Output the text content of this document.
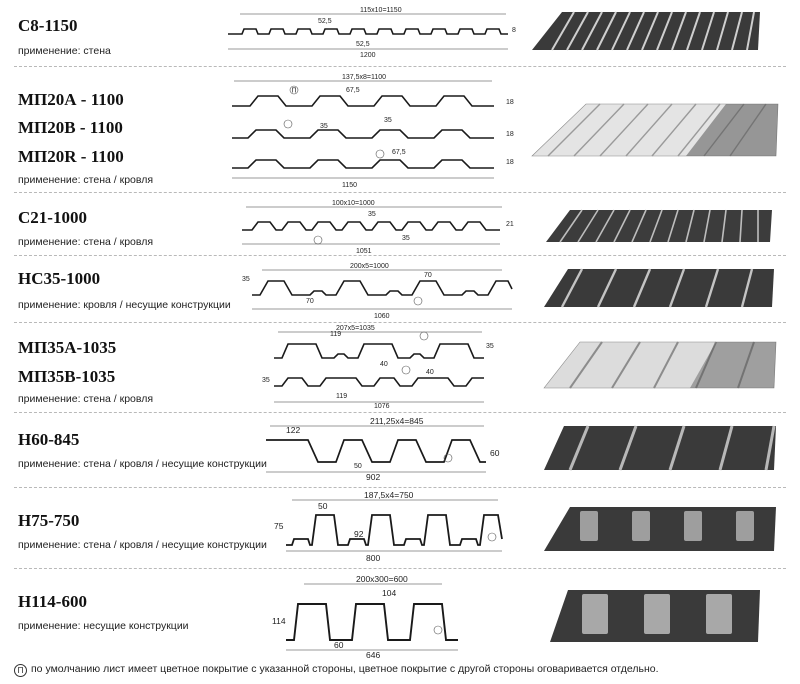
С8-1150
применение: стена
115х10=1150
52,5
8
52,5
1200
МП20А - 1100
МП20В - 1100
МП20R - 1100
применение: стена / кровля
137,5х8=1100
67,5
П
18
35
35
18
67,5
18
1150
С21-1000
применение: стена / кровля
100х10=1000
35
21
35
1051
НС35-1000
применение: кровля / несущие конструкции
200х5=1000
70
35
70
1060
МП35А-1035
МП35В-1035
применение: стена / кровля
207х5=1035
119
35
40
35
40
119
1076
Н60-845
применение: стена / кровля / несущие конструкции
211,25х4=845
122
60
50
902
Н75-750
применение: стена / кровля / несущие конструкции
187,5х4=750
50
75
92
800
Н114-600
применение: несущие конструкции
200х300=600
104
114
60
646
П по умолчанию лист имеет цветное покрытие с указанной стороны, цветное покрытие с другой стороны оговаривается отдельно.
